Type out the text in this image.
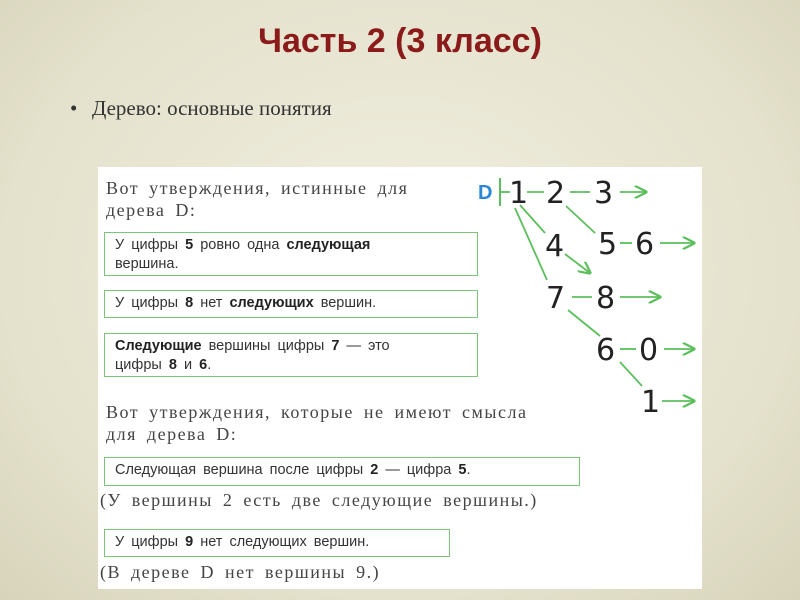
Часть 2 (3 класс)
• Дерево: основные понятия
Вот утверждения, истинные для
дерева D:
У цифры 5 ровно одна следующая
вершина.
У цифры 8 нет следующих вершин.
Следующие вершины цифры 7 — это
цифры 8 и 6.
Вот утверждения, которые не имеют смысла
для дерева D:
Следующая вершина после цифры 2 — цифра 5.
(У вершины 2 есть две следующие вершины.)
У цифры 9 нет следующих вершин.
(В дереве D нет вершины 9.)
D 1 2 3
4 5 6
7 8
6 0
1
